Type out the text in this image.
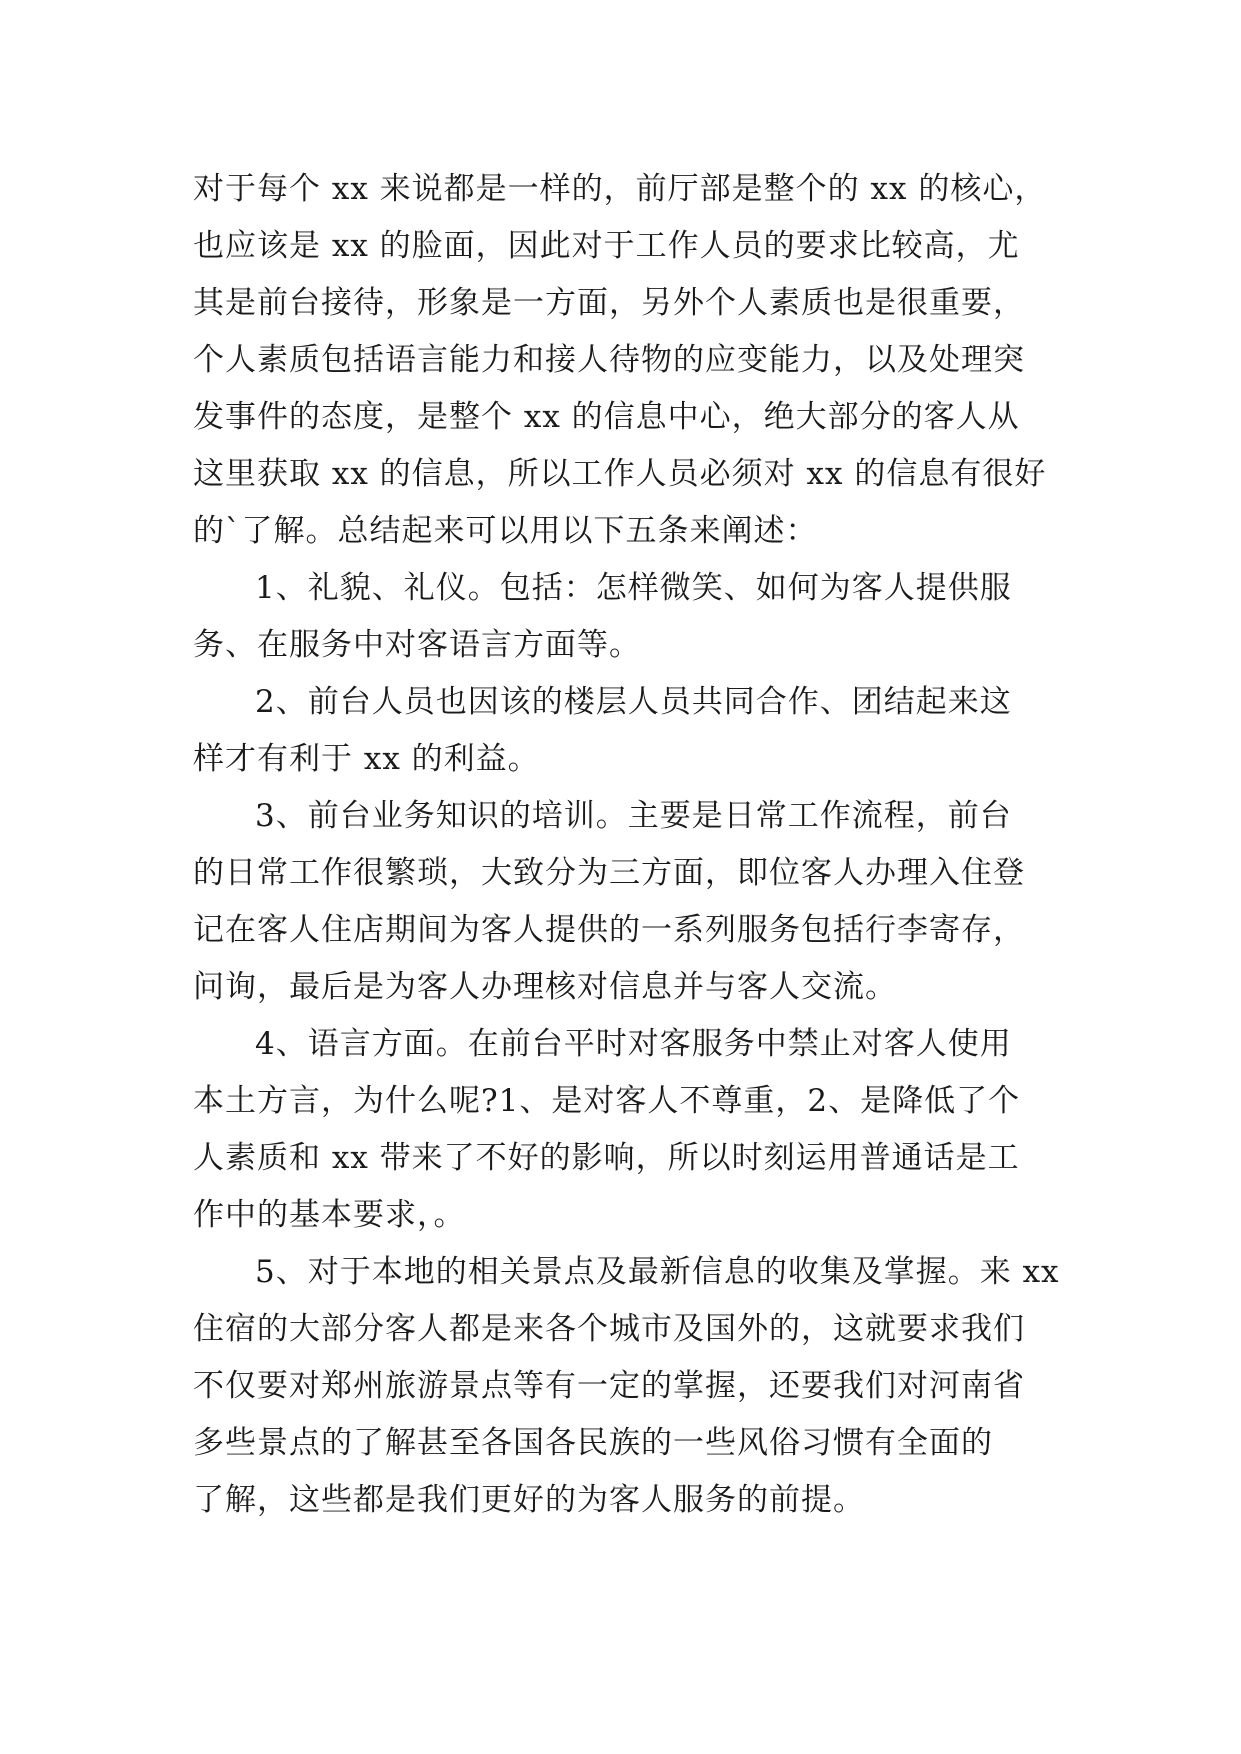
对于每个 xx 来说都是一样的，前厅部是整个的 xx 的核心，
也应该是 xx 的脸面，因此对于工作人员的要求比较高，尤
其是前台接待，形象是一方面，另外个人素质也是很重要，
个人素质包括语言能力和接人待物的应变能力，以及处理突
发事件的态度，是整个 xx 的信息中心，绝大部分的客人从
这里获取 xx 的信息，所以工作人员必须对 xx 的信息有很好
的`了解。总结起来可以用以下五条来阐述：
1、礼貌、礼仪。包括：怎样微笑、如何为客人提供服
务、在服务中对客语言方面等。
2、前台人员也因该的楼层人员共同合作、团结起来这
样才有利于 xx 的利益。
3、前台业务知识的培训。主要是日常工作流程，前台
的日常工作很繁琐，大致分为三方面，即位客人办理入住登
记在客人住店期间为客人提供的一系列服务包括行李寄存，
问询，最后是为客人办理核对信息并与客人交流。
4、语言方面。在前台平时对客服务中禁止对客人使用
本土方言，为什么呢?1、是对客人不尊重，2、是降低了个
人素质和 xx 带来了不好的影响，所以时刻运用普通话是工
作中的基本要求，。
5、对于本地的相关景点及最新信息的收集及掌握。来 xx
住宿的大部分客人都是来各个城市及国外的，这就要求我们
不仅要对郑州旅游景点等有一定的掌握，还要我们对河南省
多些景点的了解甚至各国各民族的一些风俗习惯有全面的
了解，这些都是我们更好的为客人服务的前提。
